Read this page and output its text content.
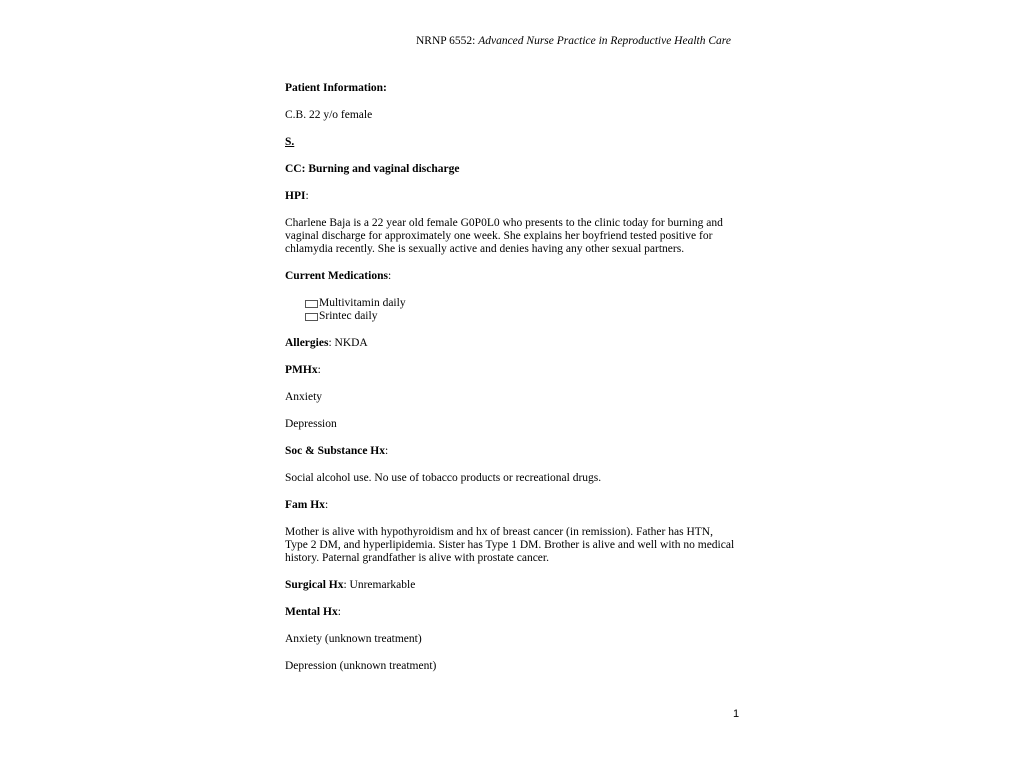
NRNP 6552: Advanced Nurse Practice in Reproductive Health Care

Patient Information:

C.B. 22 y/o female

S.

CC: Burning and vaginal discharge

HPI:

Charlene Baja is a 22 year old female G0P0L0 who presents to the clinic today for burning and vaginal discharge for approximately one week. She explains her boyfriend tested positive for chlamydia recently. She is sexually active and denies having any other sexual partners.

Current Medications:

Multivitamin daily
Srintec daily

Allergies: NKDA

PMHx:

Anxiety

Depression

Soc & Substance Hx:

Social alcohol use. No use of tobacco products or recreational drugs.

Fam Hx:

Mother is alive with hypothyroidism and hx of breast cancer (in remission). Father has HTN, Type 2 DM, and hyperlipidemia. Sister has Type 1 DM. Brother is alive and well with no medical history. Paternal grandfather is alive with prostate cancer.

Surgical Hx: Unremarkable

Mental Hx:

Anxiety (unknown treatment)

Depression (unknown treatment)

1
